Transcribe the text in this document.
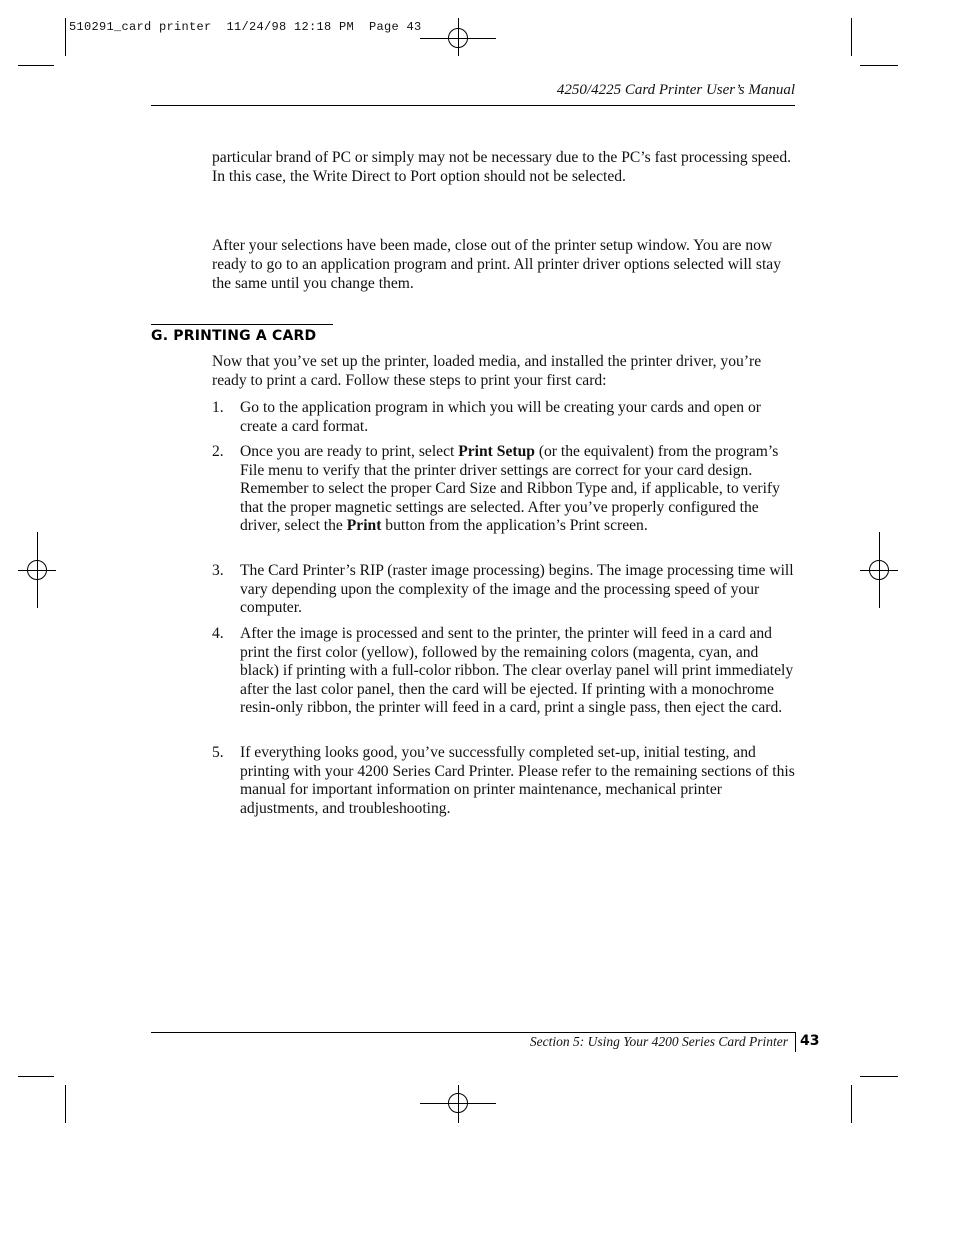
510291_card printer  11/24/98 12:18 PM  Page 43
4250/4225 Card Printer User’s Manual
particular brand of PC or simply may not be necessary due to the PC’s fast processing speed. In this case, the Write Direct to Port option should not be selected.
After your selections have been made, close out of the printer setup window. You are now ready to go to an application program and print. All printer driver options selected will stay the same until you change them.
G. PRINTING A CARD
Now that you’ve set up the printer, loaded media, and installed the printer driver, you’re ready to print a card. Follow these steps to print your first card:
1.	Go to the application program in which you will be creating your cards and open or create a card format.
2.	Once you are ready to print, select Print Setup (or the equivalent) from the program’s File menu to verify that the printer driver settings are correct for your card design. Remember to select the proper Card Size and Ribbon Type and, if applicable, to verify that the proper magnetic settings are selected. After you’ve properly configured the driver, select the Print button from the application’s Print screen.
3.	The Card Printer’s RIP (raster image processing) begins. The image processing time will vary depending upon the complexity of the image and the processing speed of your computer.
4.	After the image is processed and sent to the printer, the printer will feed in a card and print the first color (yellow), followed by the remaining colors (magenta, cyan, and black) if printing with a full-color ribbon. The clear overlay panel will print immediately after the last color panel, then the card will be ejected. If printing with a monochrome resin-only ribbon, the printer will feed in a card, print a single pass, then eject the card.
5.	If everything looks good, you’ve successfully completed set-up, initial testing, and printing with your 4200 Series Card Printer. Please refer to the remaining sections of this manual for important information on printer maintenance, mechanical printer adjustments, and troubleshooting.
Section 5: Using Your 4200 Series Card Printer 43
